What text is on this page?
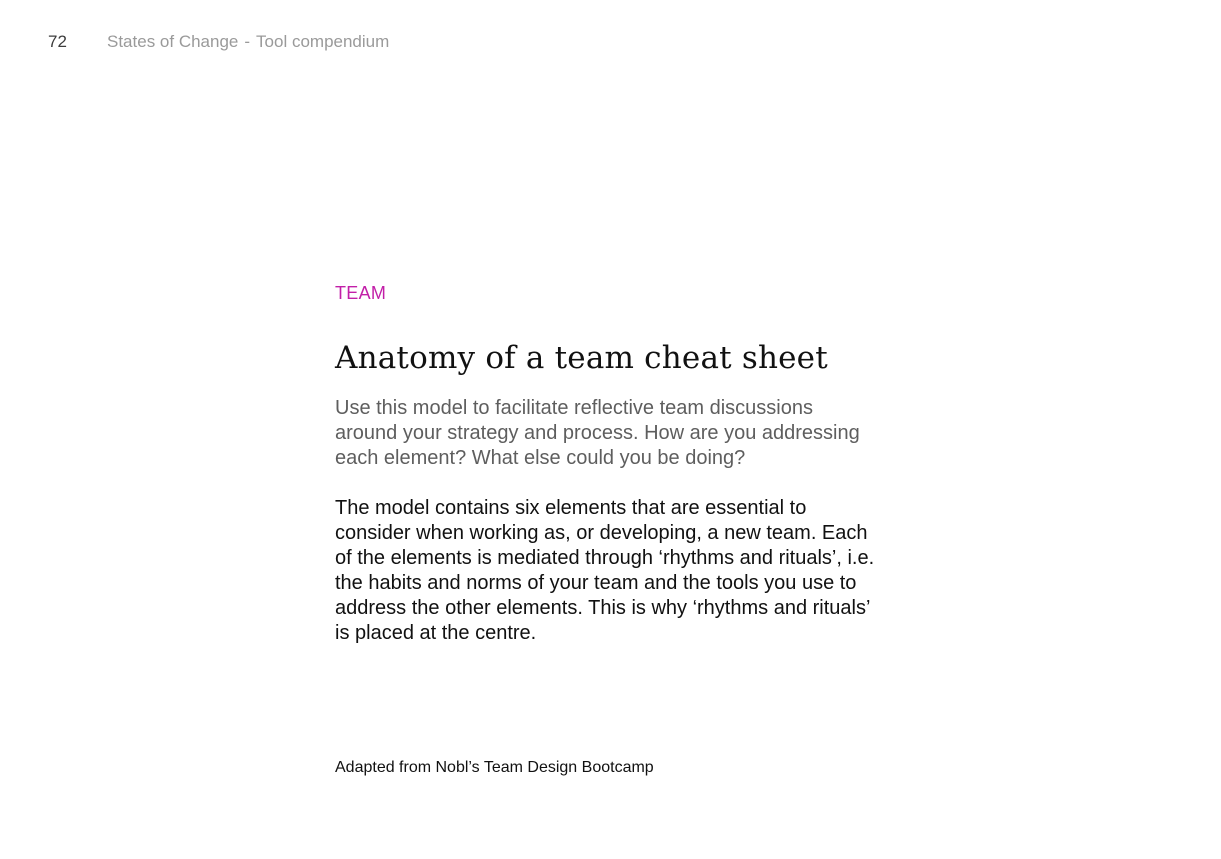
72 States of Change - Tool compendium

TEAM

Anatomy of a team cheat sheet

Use this model to facilitate reflective team discussions around your strategy and process. How are you addressing each element? What else could you be doing?

The model contains six elements that are essential to consider when working as, or developing, a new team. Each of the elements is mediated through ‘rhythms and rituals’, i.e. the habits and norms of your team and the tools you use to address the other elements. This is why ‘rhythms and rituals’ is placed at the centre.

Adapted from Nobl’s Team Design Bootcamp
